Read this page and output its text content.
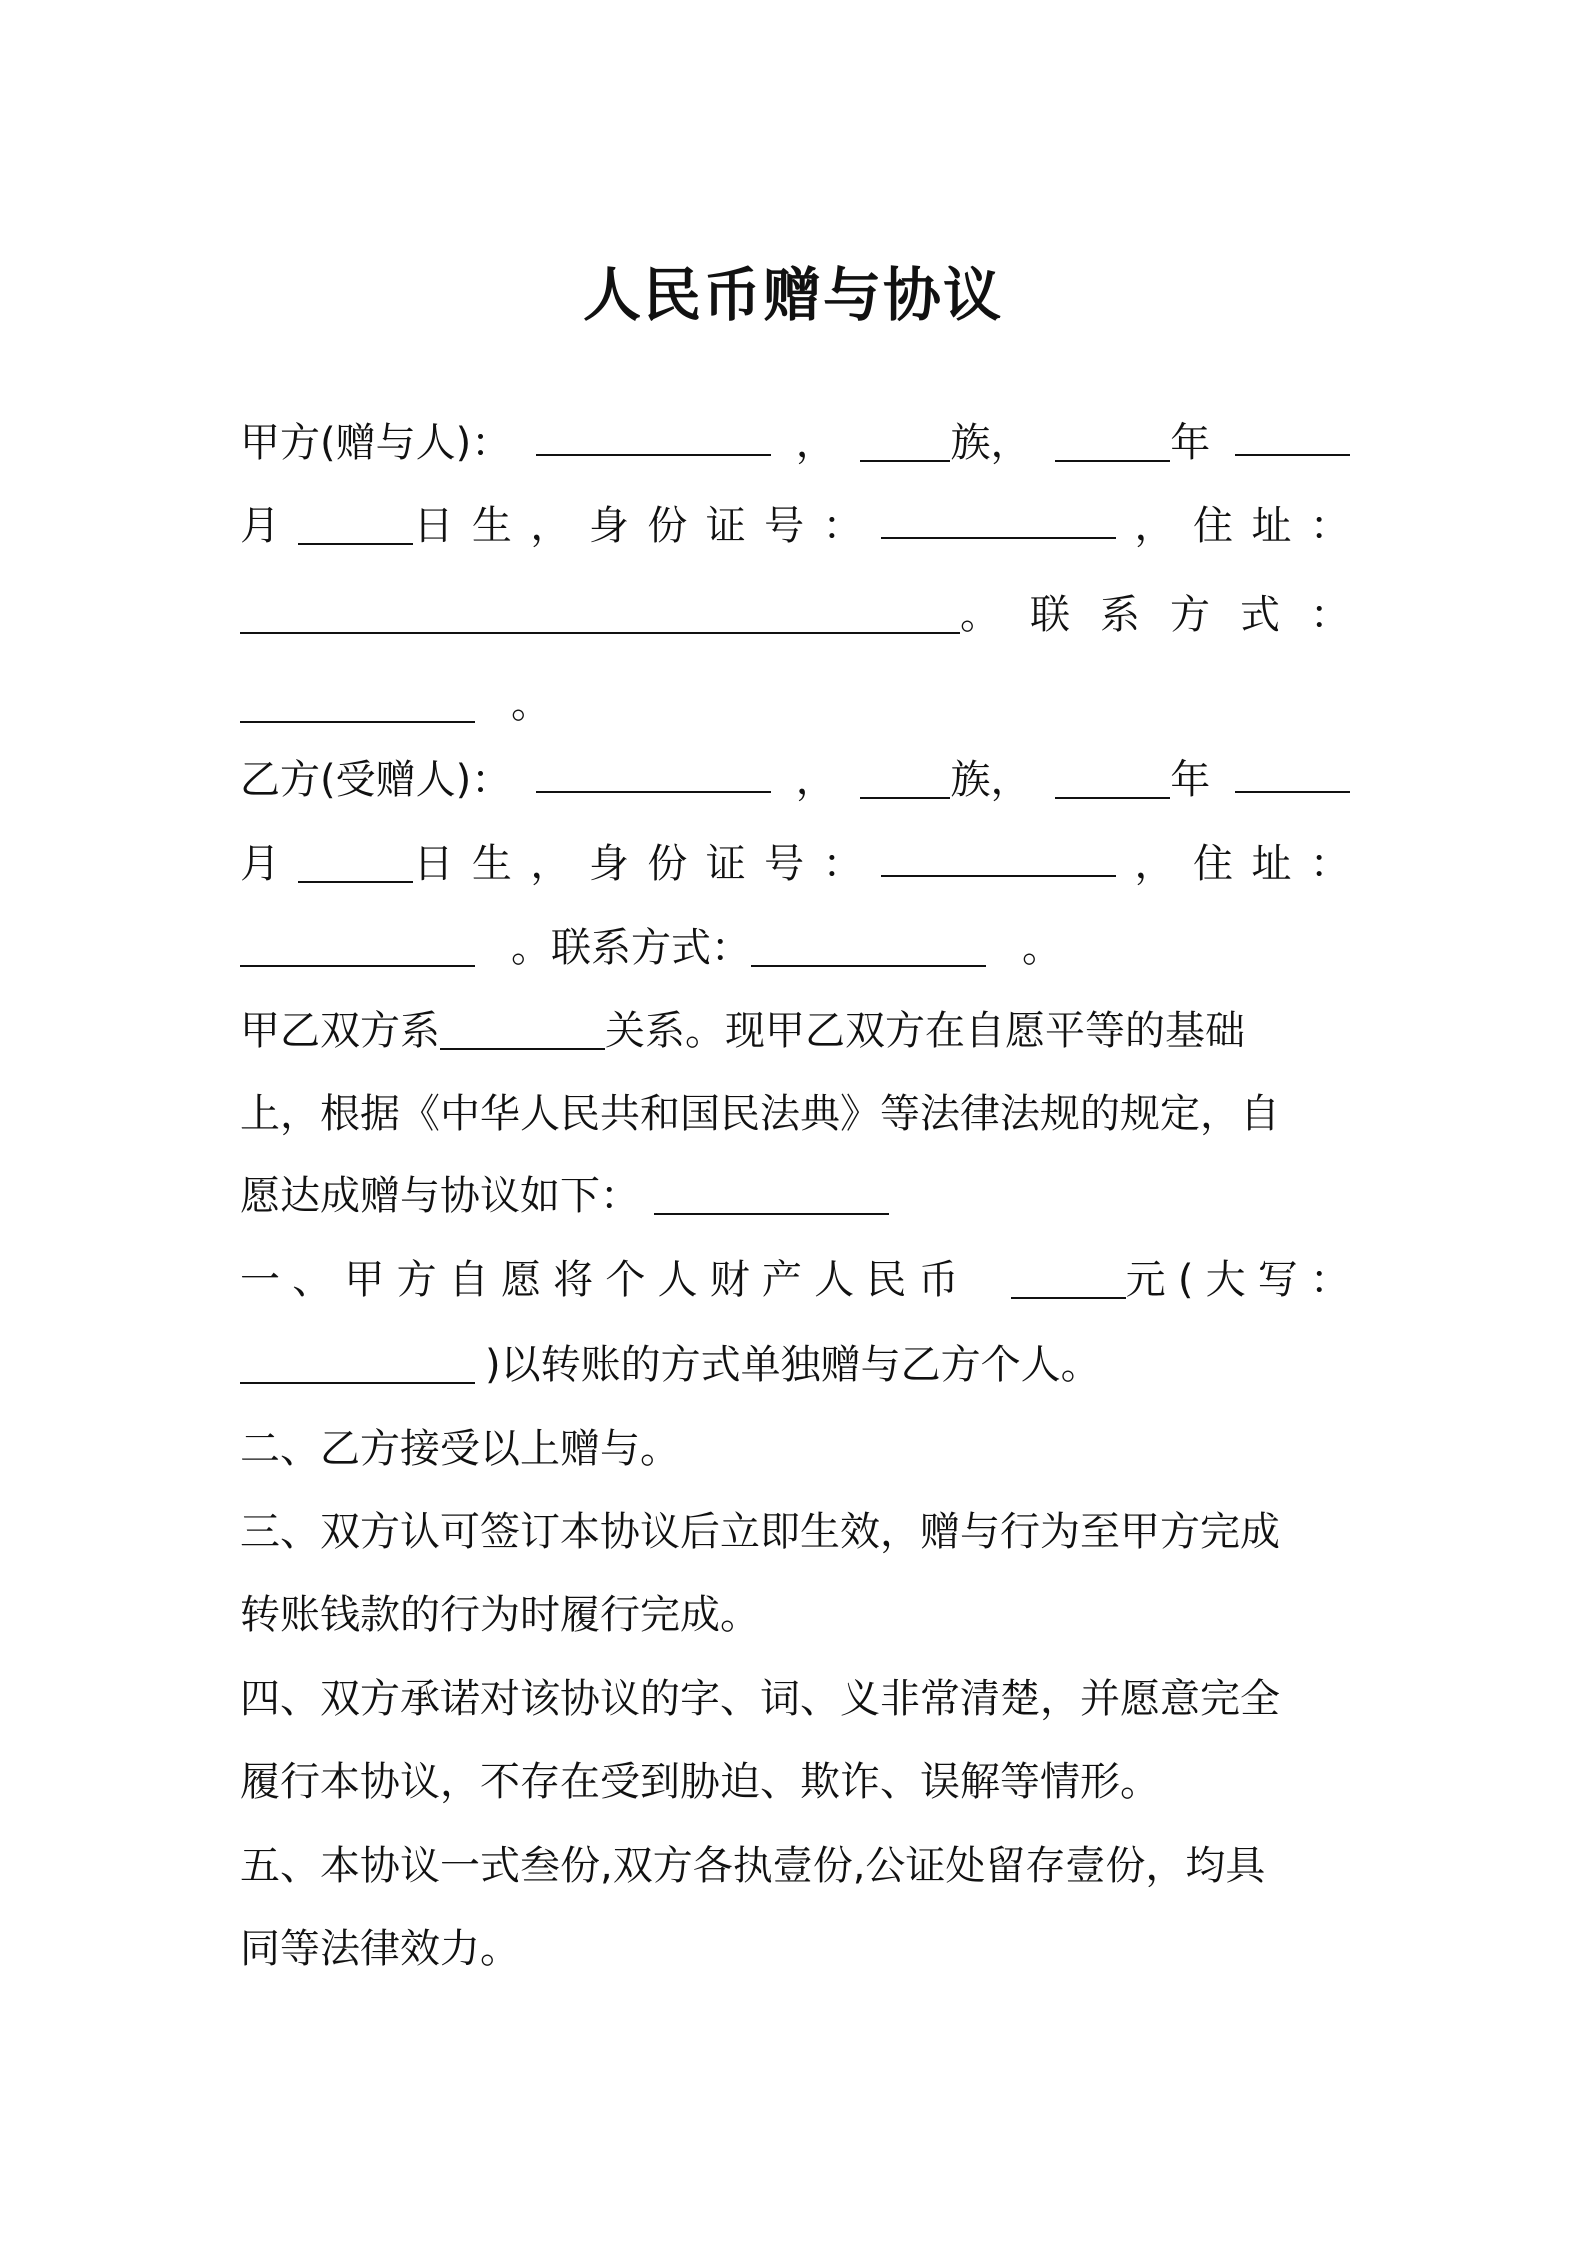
人民币赠与协议
甲方(赠与人)：	，	族，	年
月	日 生 ， 身 份 证 号 ：	， 住 址 ：
。 联 系 方 式 ：
。
乙方(受赠人)：	，	族，	年
月	日 生 ， 身 份 证 号 ：	， 住 址 ：
。联系方式：	。
甲乙双方系	关系。现甲乙双方在自愿平等的基础
上，根据《中华人民共和国民法典》等法律法规的规定，自
愿达成赠与协议如下：
一 、 甲 方 自 愿 将 个 人 财 产 人 民 币	元 ( 大 写 ：
)以转账的方式单独赠与乙方个人。
二、乙方接受以上赠与。
三、双方认可签订本协议后立即生效，赠与行为至甲方完成
转账钱款的行为时履行完成。
四、双方承诺对该协议的字、词、义非常清楚，并愿意完全
履行本协议，不存在受到胁迫、欺诈、误解等情形。
五、本协议一式叁份,双方各执壹份,公证处留存壹份，均具
同等法律效力。
